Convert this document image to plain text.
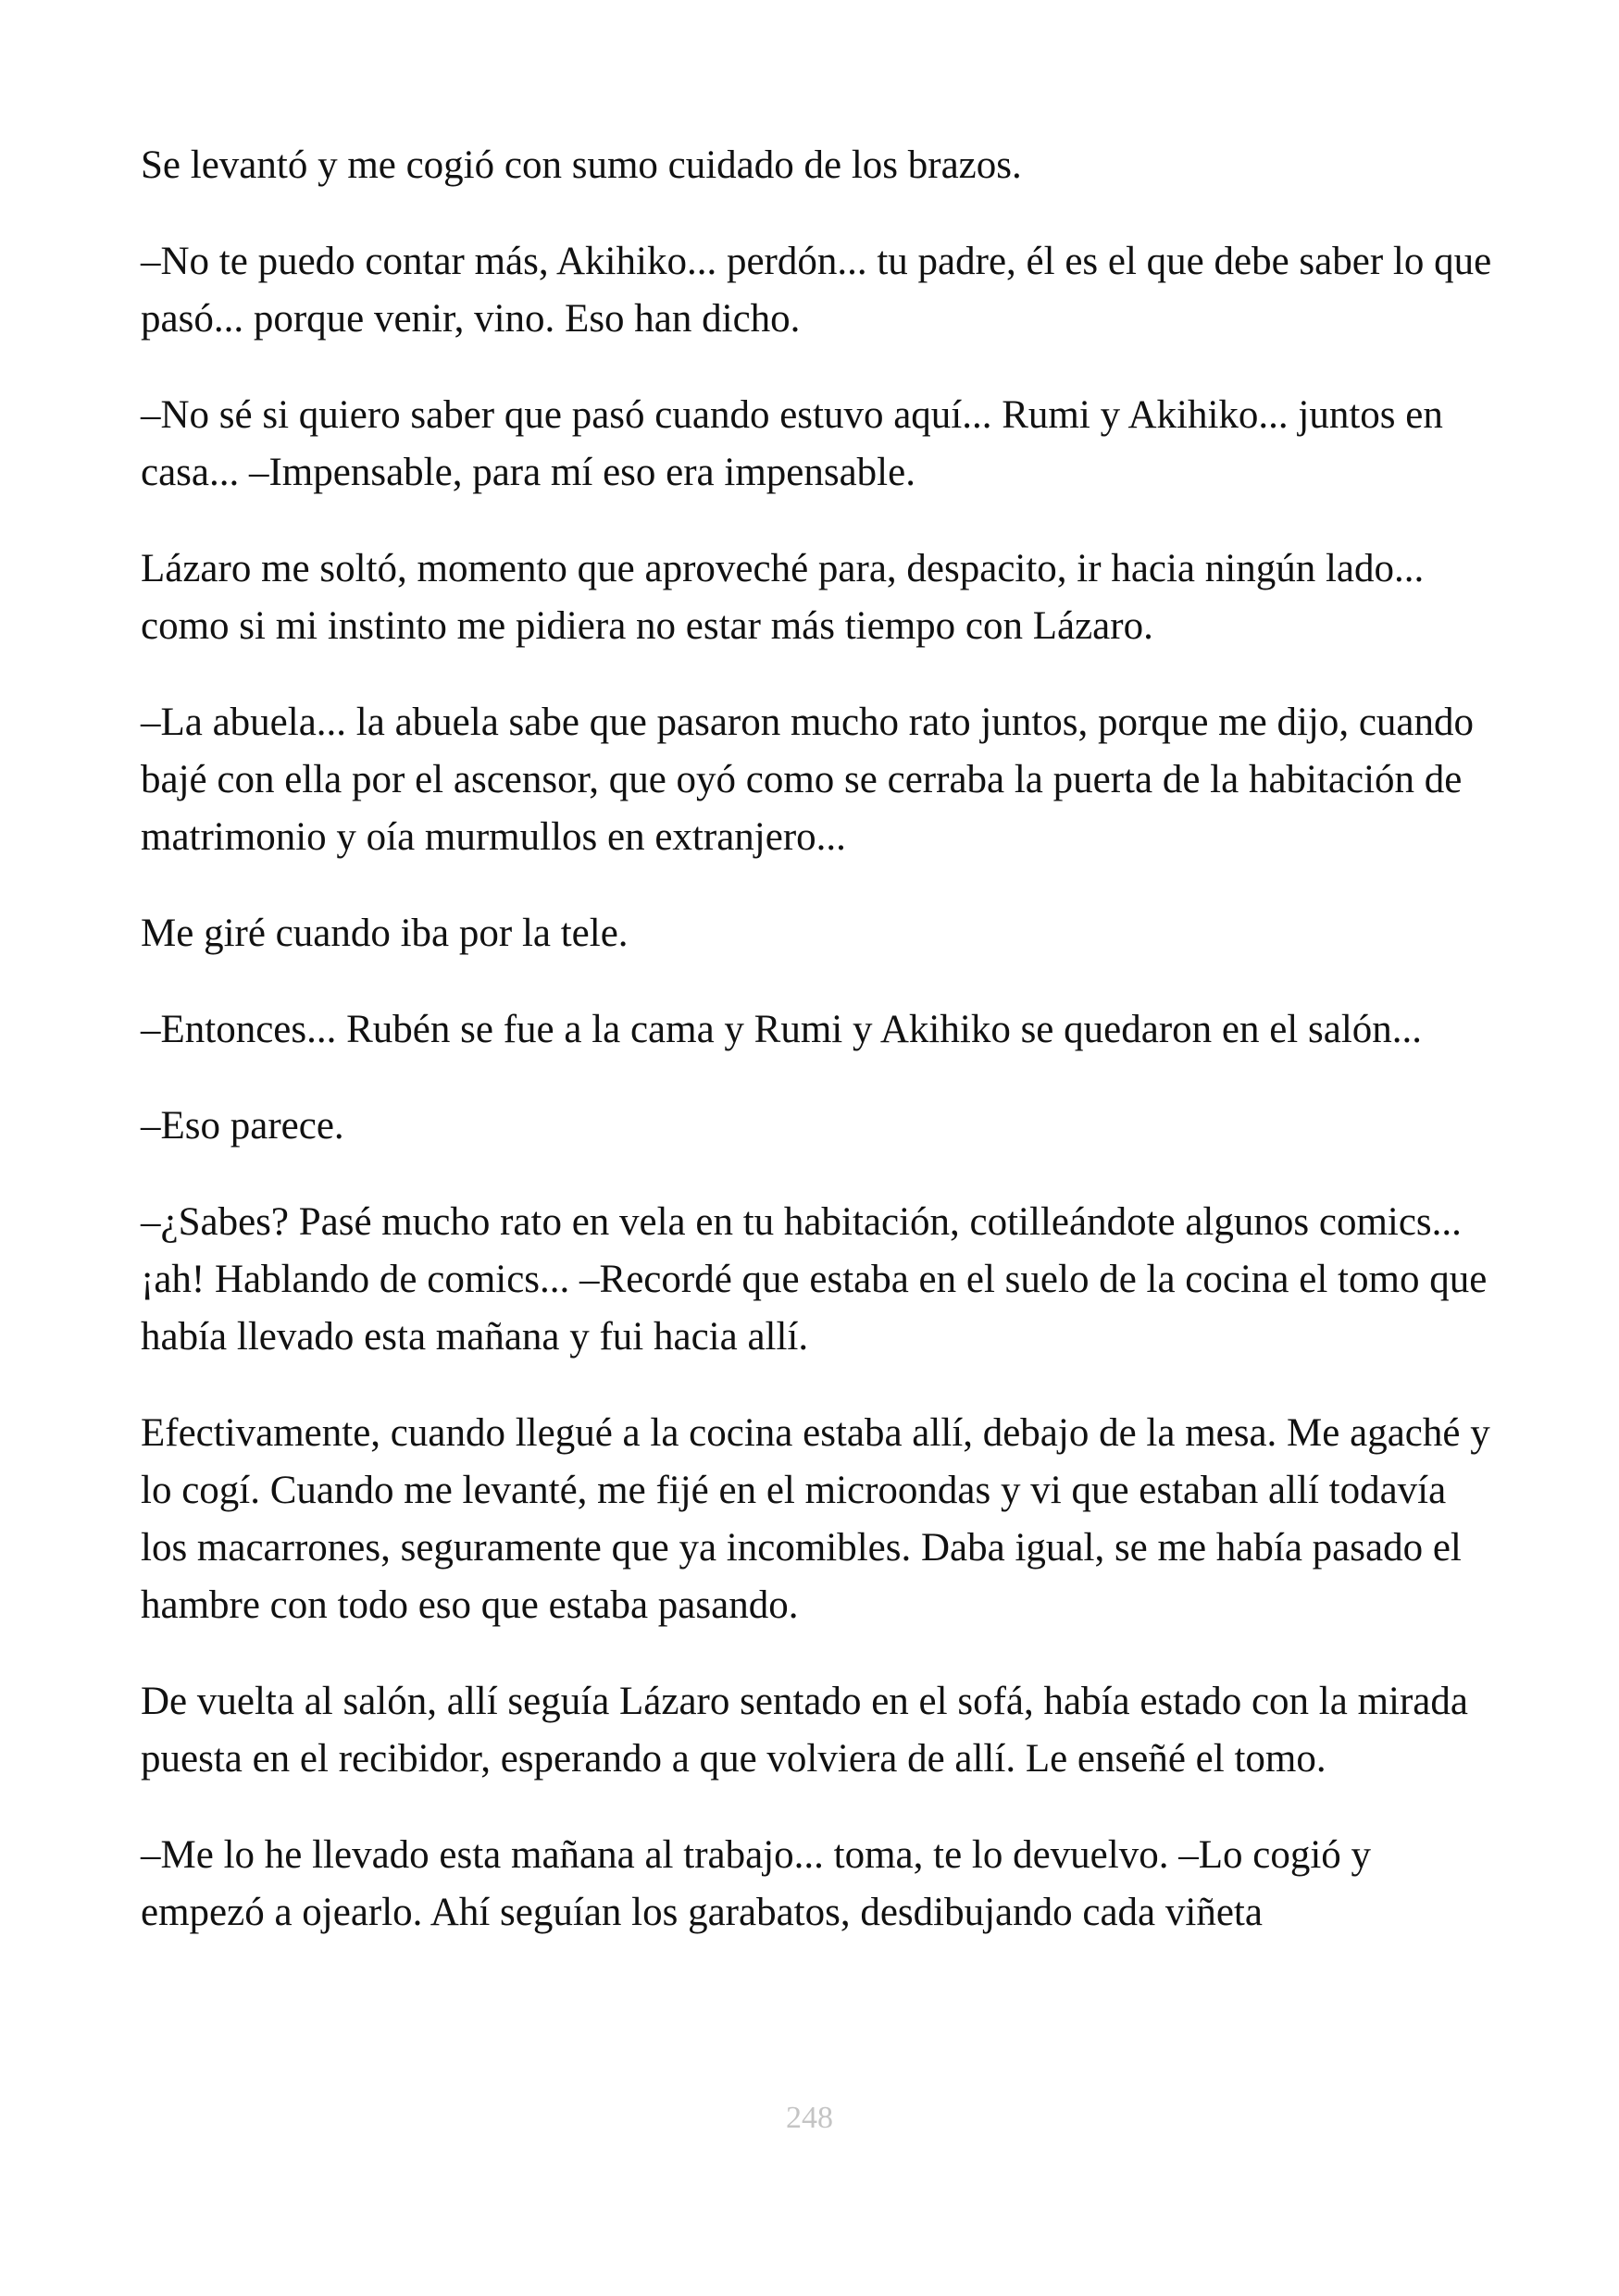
Se levantó y me cogió con sumo cuidado de los brazos.

–No te puedo contar más, Akihiko... perdón... tu padre, él es el que debe saber lo que pasó... porque venir, vino. Eso han dicho.

–No sé si quiero saber que pasó cuando estuvo aquí... Rumi y Akihiko... juntos en casa... –Impensable, para mí eso era impensable.

Lázaro me soltó, momento que aproveché para, despacito, ir hacia ningún lado... como si mi instinto me pidiera no estar más tiempo con Lázaro.

–La abuela... la abuela sabe que pasaron mucho rato juntos, porque me dijo, cuando bajé con ella por el ascensor, que oyó como se cerraba la puerta de la habitación de matrimonio y oía murmullos en extranjero...

Me giré cuando iba por la tele.

–Entonces... Rubén se fue a la cama y Rumi y Akihiko se quedaron en el salón...

–Eso parece.

–¿Sabes? Pasé mucho rato en vela en tu habitación, cotilleándote algunos comics... ¡ah! Hablando de comics... –Recordé que estaba en el suelo de la cocina el tomo que había llevado esta mañana y fui hacia allí.

Efectivamente, cuando llegué a la cocina estaba allí, debajo de la mesa. Me agaché y lo cogí. Cuando me levanté, me fijé en el microondas y vi que estaban allí todavía los macarrones, seguramente que ya incomibles. Daba igual, se me había pasado el hambre con todo eso que estaba pasando.

De vuelta al salón, allí seguía Lázaro sentado en el sofá, había estado con la mirada puesta en el recibidor, esperando a que volviera de allí. Le enseñé el tomo.

–Me lo he llevado esta mañana al trabajo... toma, te lo devuelvo. –Lo cogió y empezó a ojearlo. Ahí seguían los garabatos, desdibujando cada viñeta

248
